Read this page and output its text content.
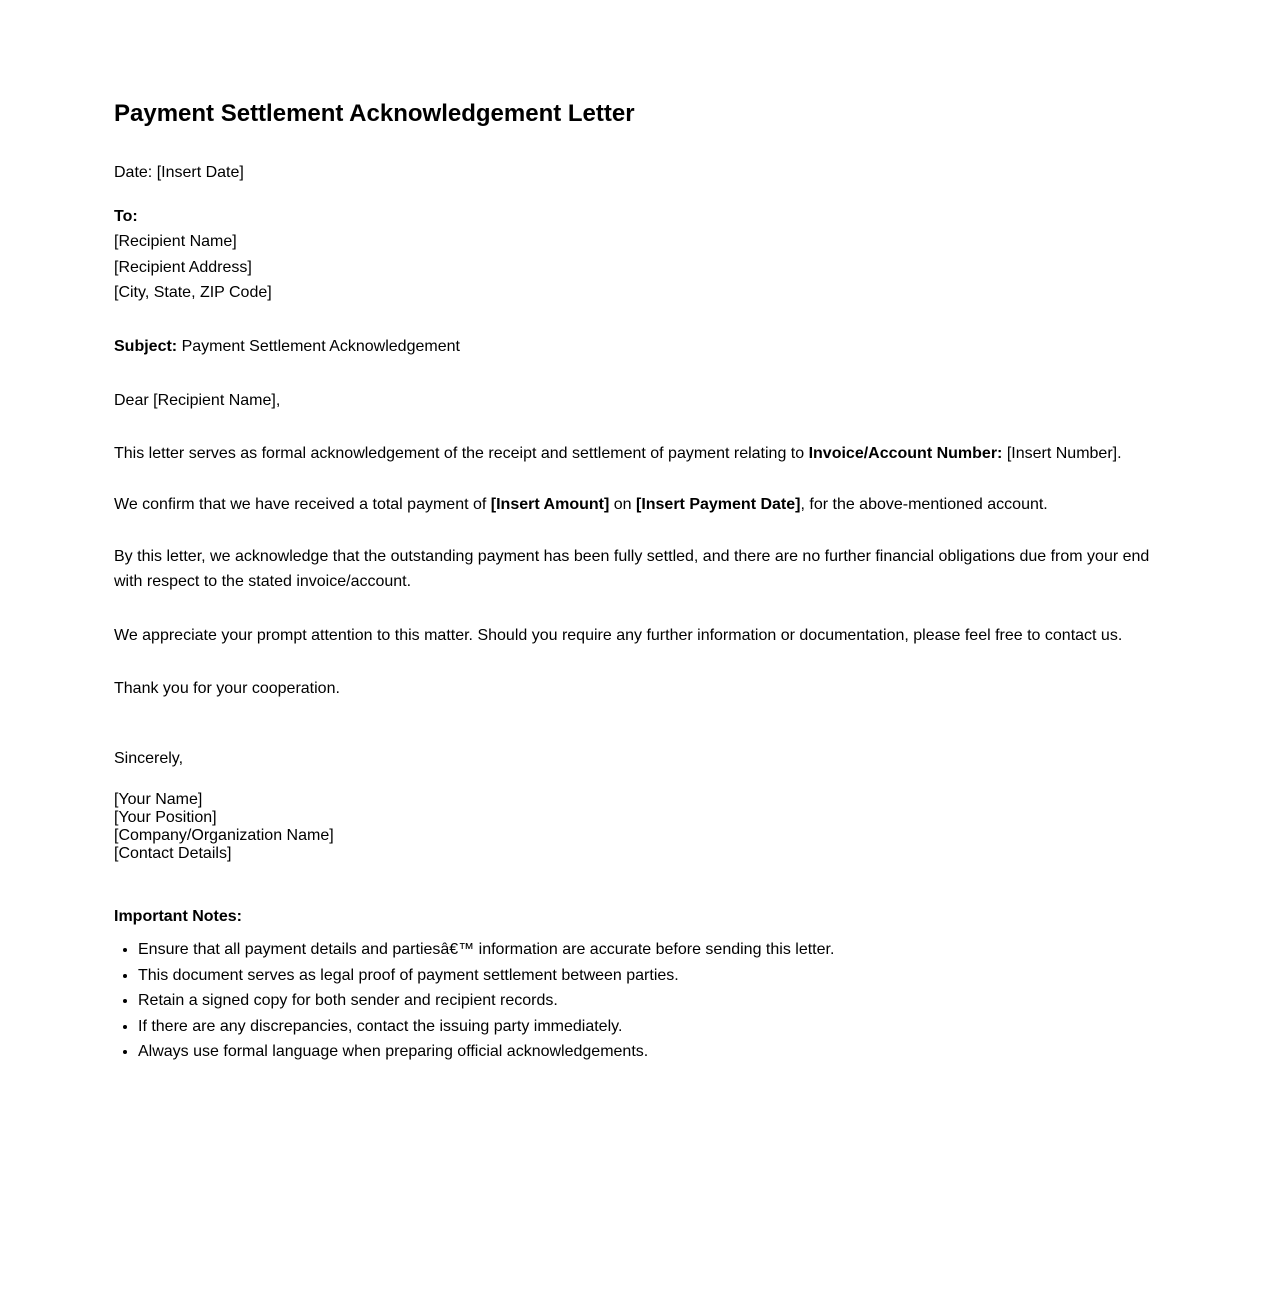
Payment Settlement Acknowledgement Letter
Date: [Insert Date]
To:
[Recipient Name]
[Recipient Address]
[City, State, ZIP Code]
Subject: Payment Settlement Acknowledgement
Dear [Recipient Name],
This letter serves as formal acknowledgement of the receipt and settlement of payment relating to Invoice/Account Number: [Insert Number].
We confirm that we have received a total payment of [Insert Amount] on [Insert Payment Date], for the above-mentioned account.
By this letter, we acknowledge that the outstanding payment has been fully settled, and there are no further financial obligations due from your end with respect to the stated invoice/account.
We appreciate your prompt attention to this matter. Should you require any further information or documentation, please feel free to contact us.
Thank you for your cooperation.
Sincerely,
[Your Name]
[Your Position]
[Company/Organization Name]
[Contact Details]
Important Notes:
• Ensure that all payment details and partiesâ€™ information are accurate before sending this letter.
• This document serves as legal proof of payment settlement between parties.
• Retain a signed copy for both sender and recipient records.
• If there are any discrepancies, contact the issuing party immediately.
• Always use formal language when preparing official acknowledgements.
